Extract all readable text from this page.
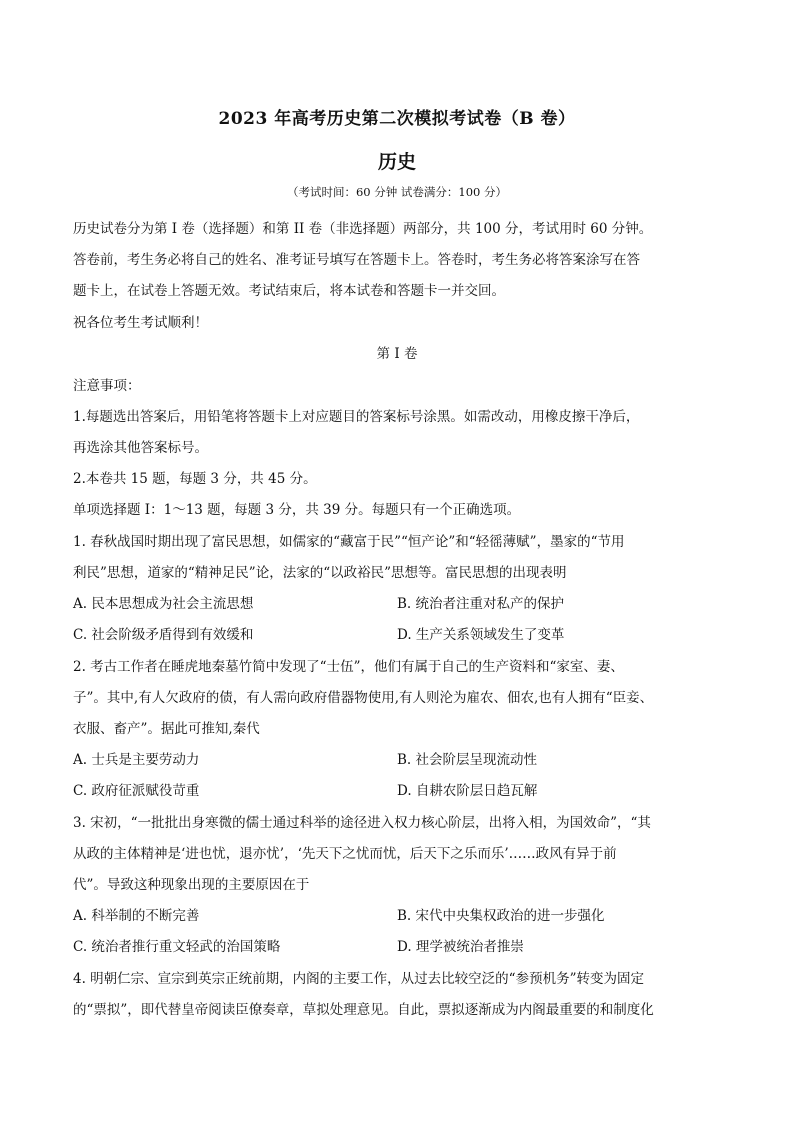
2023 年高考历史第二次模拟考试卷（B 卷）
历史
（考试时间：60 分钟 试卷满分：100 分）
历史试卷分为第 I 卷（选择题）和第 II 卷（非选择题）两部分，共 100 分，考试用时 60 分钟。
答卷前，考生务必将自己的姓名、准考证号填写在答题卡上。答卷时，考生务必将答案涂写在答
题卡上，在试卷上答题无效。考试结束后，将本试卷和答题卡一并交回。
祝各位考生考试顺利！
第 I 卷
注意事项：
1.每题选出答案后，用铅笔将答题卡上对应题目的答案标号涂黑。如需改动，用橡皮擦干净后，
再选涂其他答案标号。
2.本卷共 15 题，每题 3 分，共 45 分。
单项选择题 I：1～13 题，每题 3 分，共 39 分。每题只有一个正确选项。
1. 春秋战国时期出现了富民思想，如儒家的“藏富于民”“恒产论”和“轻徭薄赋”，墨家的“节用
利民”思想，道家的“精神足民”论，法家的“以政裕民”思想等。富民思想的出现表明
A. 民本思想成为社会主流思想	B. 统治者注重对私产的保护
C. 社会阶级矛盾得到有效缓和	D. 生产关系领域发生了变革
2. 考古工作者在睡虎地秦墓竹简中发现了“士伍”，他们有属于自己的生产资料和“家室、妻、
子”。其中,有人欠政府的债，有人需向政府借器物使用,有人则沦为雇农、佃农,也有人拥有“臣妾、
衣服、畜产”。据此可推知,秦代
A. 士兵是主要劳动力	B. 社会阶层呈现流动性
C. 政府征派赋役苛重	D. 自耕农阶层日趋瓦解
3. 宋初，“一批批出身寒微的儒士通过科举的途径进入权力核心阶层，出将入相，为国效命”，“其
从政的主体精神是‘进也忧，退亦忧’，‘先天下之忧而忧，后天下之乐而乐’……政风有异于前
代”。导致这种现象出现的主要原因在于
A. 科举制的不断完善	B. 宋代中央集权政治的进一步强化
C. 统治者推行重文轻武的治国策略	D. 理学被统治者推崇
4. 明朝仁宗、宣宗到英宗正统前期，内阁的主要工作，从过去比较空泛的“参预机务”转变为固定
的“票拟”，即代替皇帝阅读臣僚奏章，草拟处理意见。自此，票拟逐渐成为内阁最重要的和制度化
